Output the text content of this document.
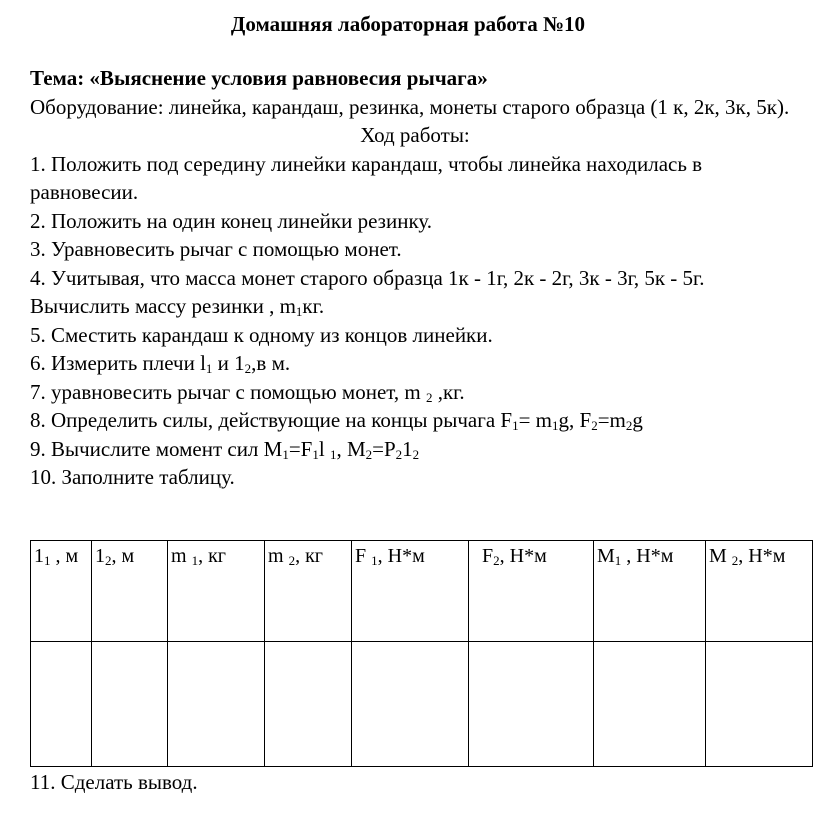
Домашняя лабораторная работа №10

Тема: «Выяснение условия равновесия рычага»

Оборудование: линейка, карандаш, резинка, монеты старого образца (1 к, 2к, 3к, 5к).

Ход работы:

1. Положить под середину линейки карандаш, чтобы линейка находилась в равновесии.

2. Положить на один конец линейки резинку.

3. Уравновесить рычаг с помощью монет.

4. Учитывая, что масса монет старого образца 1к - 1г, 2к - 2г, 3к - 3г, 5к - 5г. Вычислить массу резинки , $m_1кг$.

5. Сместить карандаш к одному из концов линейки.

6. Измерить плечи $l_1$ и $1_2,в$ м.

7. уравновесить рычаг с помощью монет, m $_2$ ,кг.

8. Определить силы, действующие на концы рычага $F_1= m_1g$, $F_2=m_2g$

9. Вычислите момент сил $M_1=F_1l$ $_1$, $M_2=P_21_2$

10. Заполните таблицу.

$1_1$ , м	$1_2$, м	m $_1$, кг	m $_2$, кг	F $_1$, Н*м	$F_2$, Н*м	$M_1$ , Н*м	M $_2$, Н*м

11. Сделать вывод.
